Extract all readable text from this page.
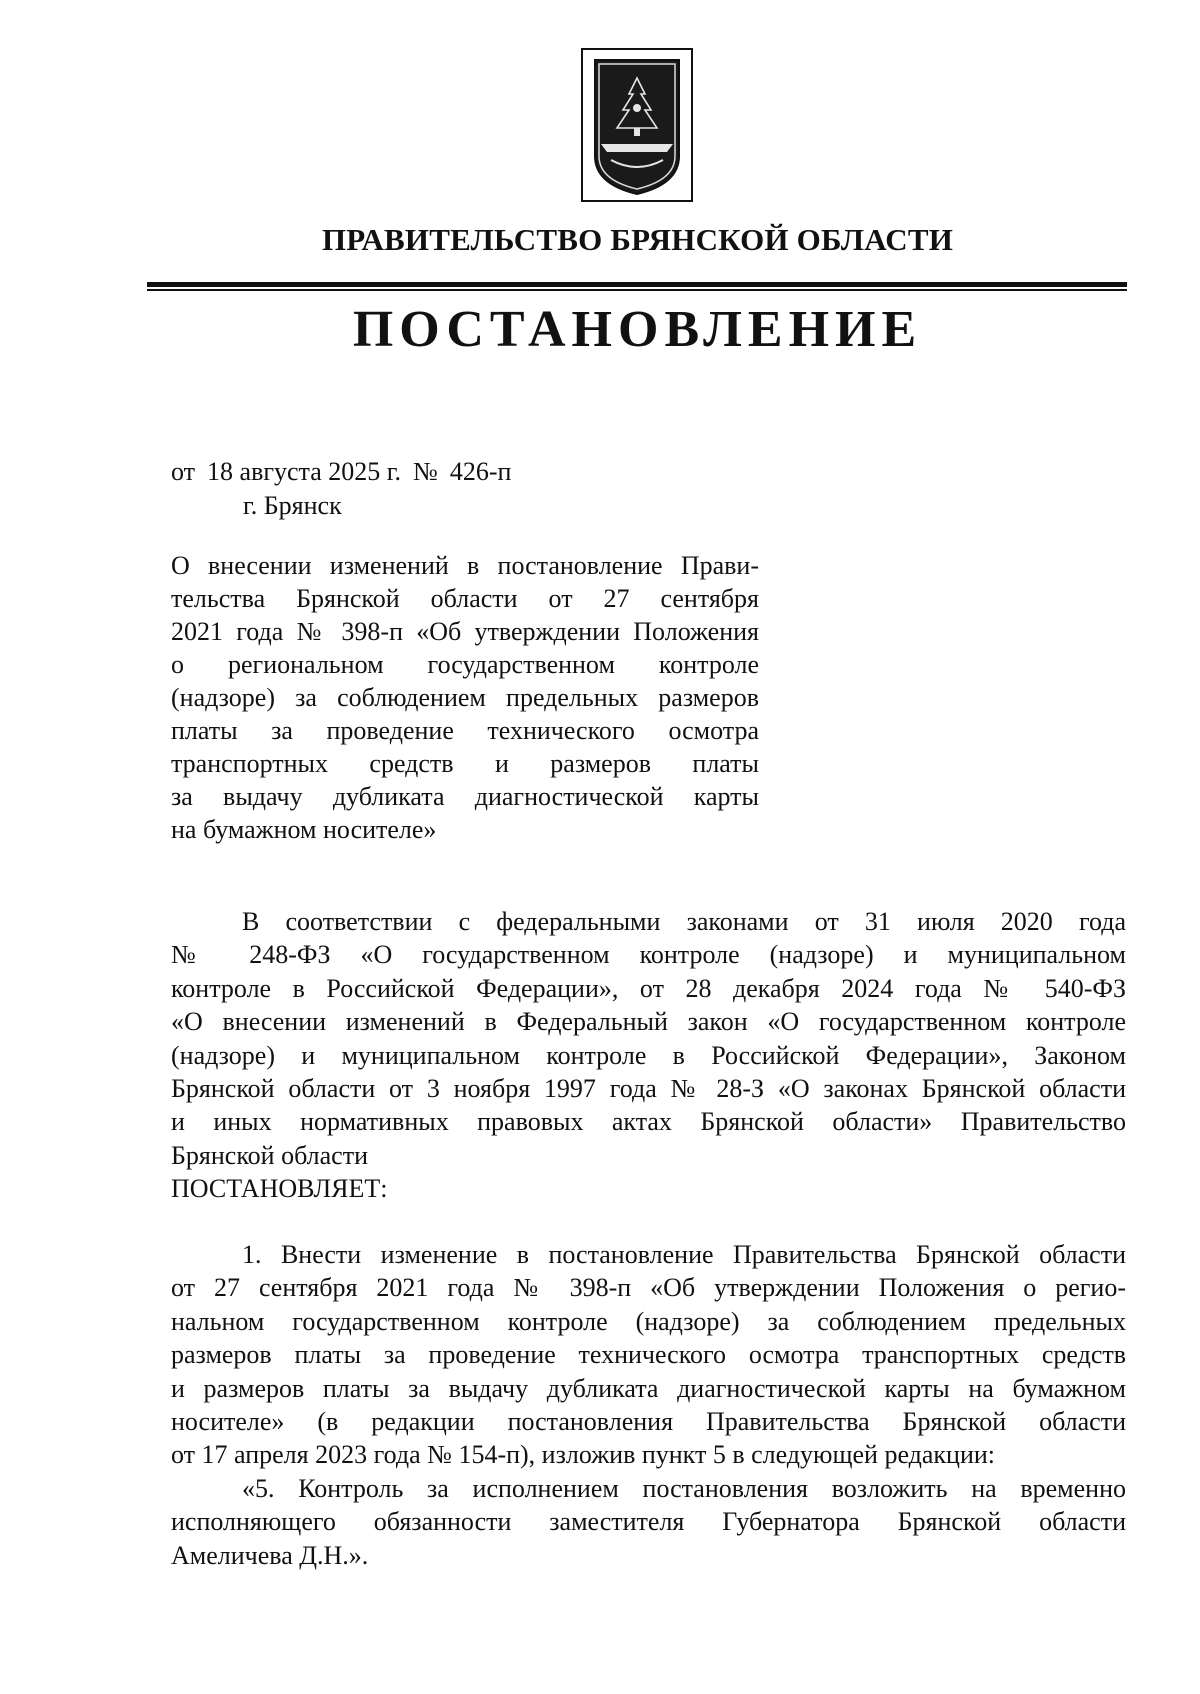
ПРАВИТЕЛЬСТВО БРЯНСКОЙ ОБЛАСТИ
ПОСТАНОВЛЕНИЕ
от 18 августа 2025 г. № 426-п
г. Брянск
О внесении изменений в постановление Прави-
тельства Брянской области от 27 сентября
2021 года № 398-п «Об утверждении Положения
о региональном государственном контроле
(надзоре) за соблюдением предельных размеров
платы за проведение технического осмотра
транспортных средств и размеров платы
за выдачу дубликата диагностической карты
на бумажном носителе»
В соответствии с федеральными законами от 31 июля 2020 года
№ 248-ФЗ «О государственном контроле (надзоре) и муниципальном
контроле в Российской Федерации», от 28 декабря 2024 года № 540-ФЗ
«О внесении изменений в Федеральный закон «О государственном контроле
(надзоре) и муниципальном контроле в Российской Федерации», Законом
Брянской области от 3 ноября 1997 года № 28-З «О законах Брянской области
и иных нормативных правовых актах Брянской области» Правительство
Брянской области
ПОСТАНОВЛЯЕТ:
1. Внести изменение в постановление Правительства Брянской области
от 27 сентября 2021 года № 398-п «Об утверждении Положения о регио-
нальном государственном контроле (надзоре) за соблюдением предельных
размеров платы за проведение технического осмотра транспортных средств
и размеров платы за выдачу дубликата диагностической карты на бумажном
носителе» (в редакции постановления Правительства Брянской области
от 17 апреля 2023 года № 154-п), изложив пункт 5 в следующей редакции:
«5. Контроль за исполнением постановления возложить на временно
исполняющего обязанности заместителя Губернатора Брянской области
Амеличева Д.Н.».
